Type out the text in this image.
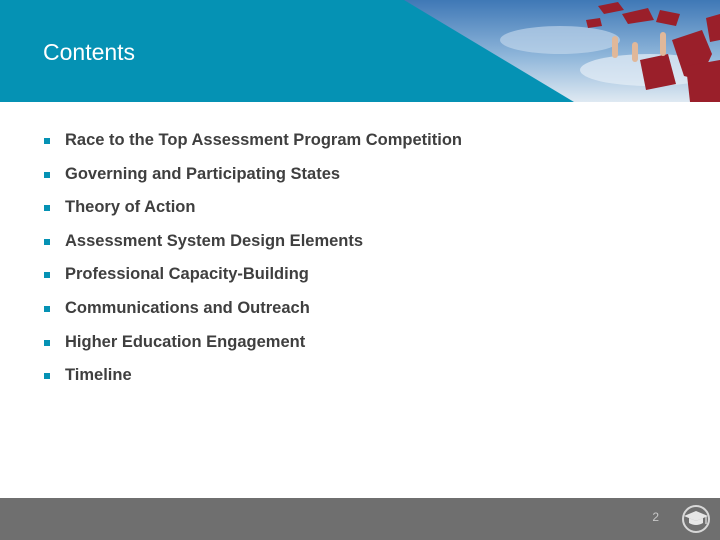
Contents
Race to the Top Assessment Program Competition
Governing and Participating States
Theory of Action
Assessment System Design Elements
Professional Capacity-Building
Communications and Outreach
Higher Education Engagement
Timeline
2
